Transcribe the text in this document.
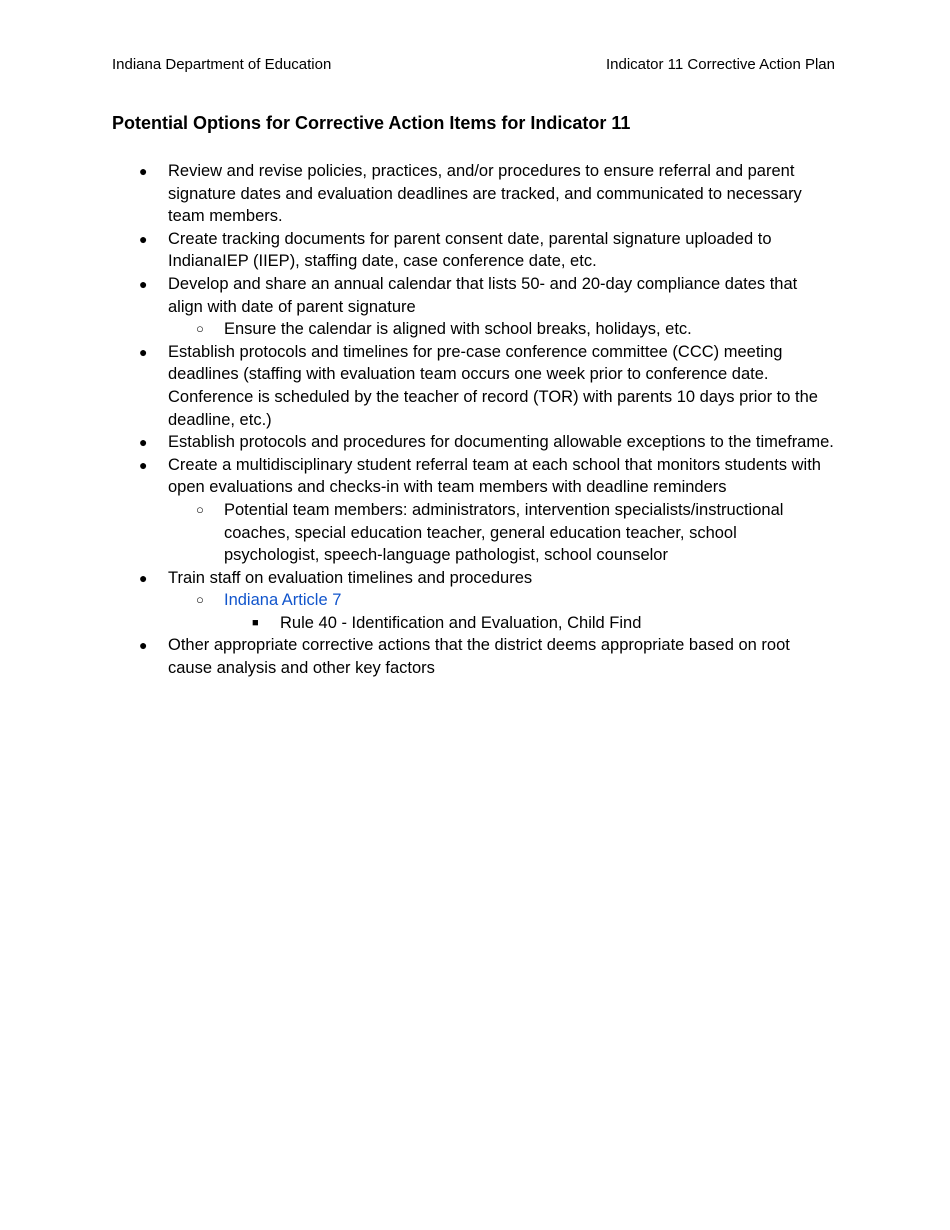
Indiana Department of Education	Indicator 11 Corrective Action Plan
Potential Options for Corrective Action Items for Indicator 11
● Review and revise policies, practices, and/or procedures to ensure referral and parent signature dates and evaluation deadlines are tracked, and communicated to necessary team members.
● Create tracking documents for parent consent date, parental signature uploaded to IndianaIEP (IIEP), staffing date, case conference date, etc.
● Develop and share an annual calendar that lists 50- and 20-day compliance dates that align with date of parent signature
○ Ensure the calendar is aligned with school breaks, holidays, etc.
● Establish protocols and timelines for pre-case conference committee (CCC) meeting deadlines (staffing with evaluation team occurs one week prior to conference date. Conference is scheduled by the teacher of record (TOR) with parents 10 days prior to the deadline, etc.)
● Establish protocols and procedures for documenting allowable exceptions to the timeframe.
● Create a multidisciplinary student referral team at each school that monitors students with open evaluations and checks-in with team members with deadline reminders
○ Potential team members: administrators, intervention specialists/instructional coaches, special education teacher, general education teacher, school psychologist, speech-language pathologist, school counselor
● Train staff on evaluation timelines and procedures
○ Indiana Article 7
■ Rule 40 - Identification and Evaluation, Child Find
● Other appropriate corrective actions that the district deems appropriate based on root cause analysis and other key factors
